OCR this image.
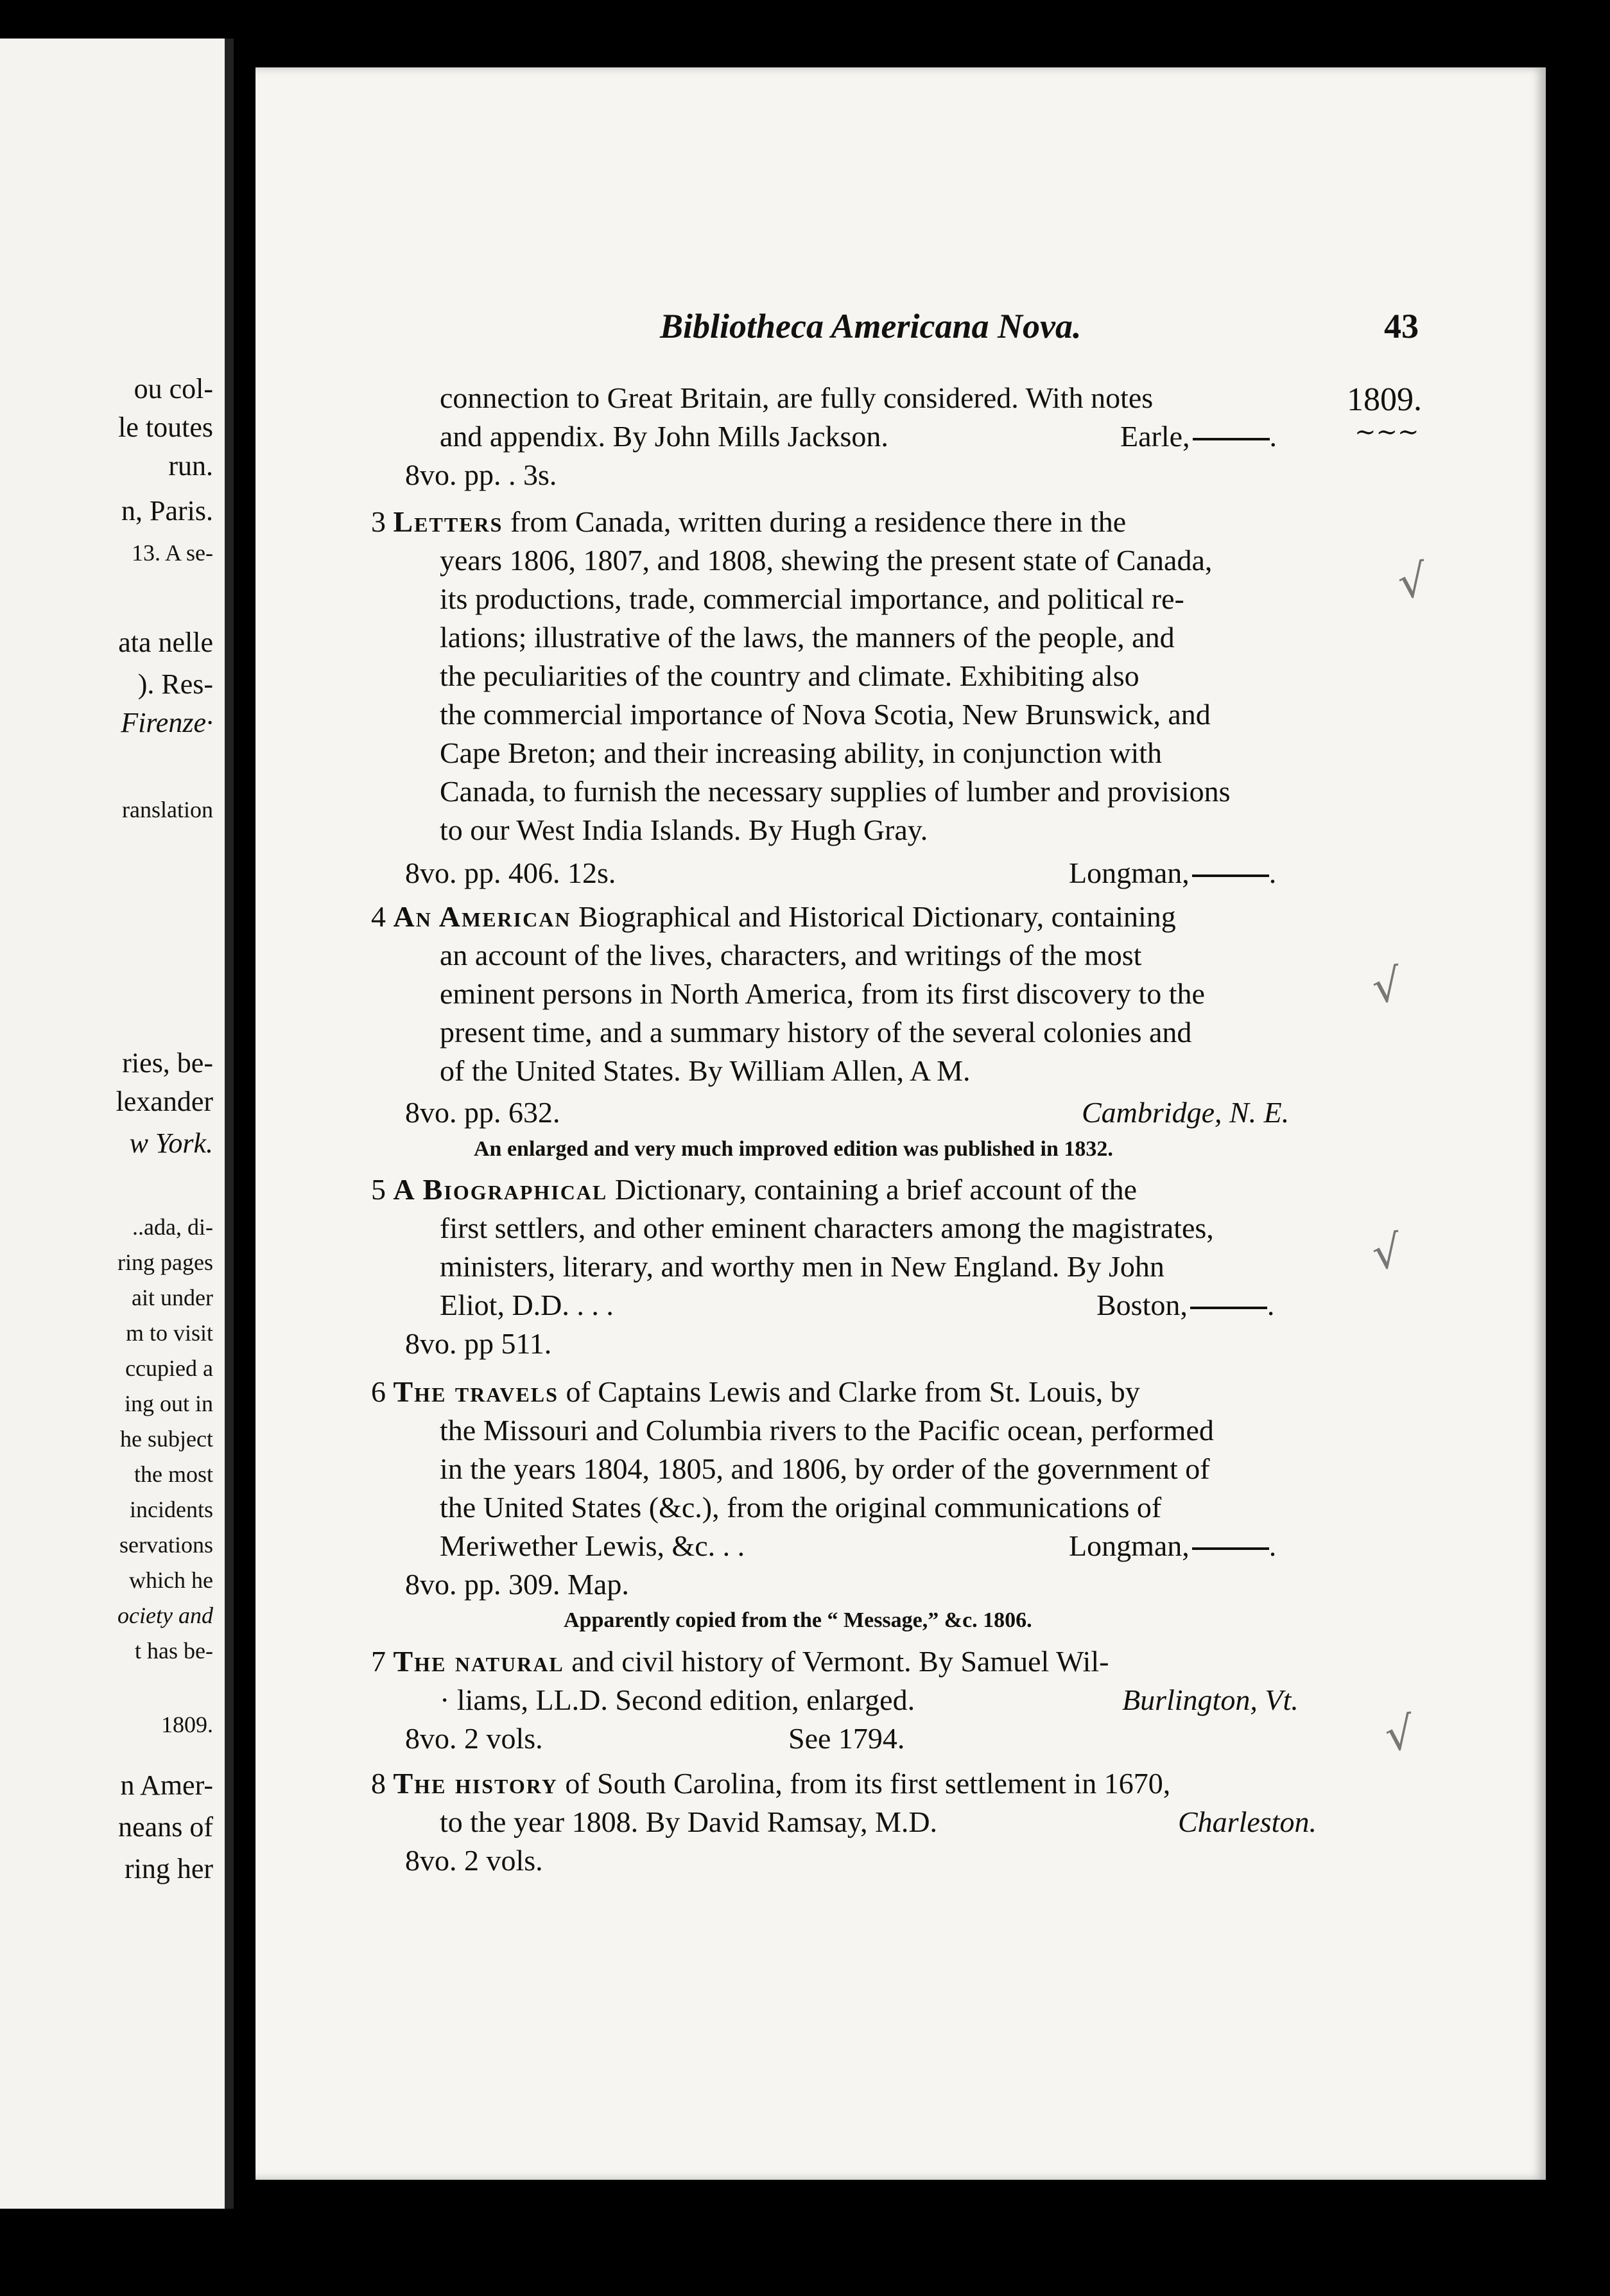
ou col-
le toutes
run.
n, Paris.
13. A se-
ata nelle
). Res-
Firenze·
ranslation
ries, be-
lexander
w York.
..ada, di-
ring pages
ait under
m to visit
ccupied a
ing out in
he subject
the most
incidents
servations
which he
ociety and
t has be-
1809.
n Amer-
neans of
ring her
Bibliotheca Americana Nova.	43
1809.
∼∼∼
connection to Great Britain, are fully considered. With notes
and appendix. By John Mills Jackson.	Earle,	.
8vo. pp. . 3s.
3 Letters from Canada, written during a residence there in the
years 1806, 1807, and 1808, shewing the present state of Canada,
its productions, trade, commercial importance, and political re-
lations; illustrative of the laws, the manners of the people, and
the peculiarities of the country and climate. Exhibiting also
the commercial importance of Nova Scotia, New Brunswick, and
Cape Breton; and their increasing ability, in conjunction with
Canada, to furnish the necessary supplies of lumber and provisions
to our West India Islands. By Hugh Gray.
8vo. pp. 406. 12s.	Longman,	.
4 An American Biographical and Historical Dictionary, containing
an account of the lives, characters, and writings of the most
eminent persons in North America, from its first discovery to the
present time, and a summary history of the several colonies and
of the United States. By William Allen, A M.
8vo. pp. 632.	Cambridge, N. E.
An enlarged and very much improved edition was published in 1832.
5 A Biographical Dictionary, containing a brief account of the
first settlers, and other eminent characters among the magistrates,
ministers, literary, and worthy men in New England. By John
Eliot, D.D. . . .	Boston,	.
8vo. pp 511.
6 The travels of Captains Lewis and Clarke from St. Louis, by
the Missouri and Columbia rivers to the Pacific ocean, performed
in the years 1804, 1805, and 1806, by order of the government of
the United States (&c.), from the original communications of
Meriwether Lewis, &c. . .	Longman,	.
8vo. pp. 309. Map.
Apparently copied from the “ Message,” &c. 1806.
7 The natural and civil history of Vermont. By Samuel Wil-
· liams, LL.D. Second edition, enlarged.	Burlington, Vt.
8vo. 2 vols.	See 1794.
8 The history of South Carolina, from its first settlement in 1670,
to the year 1808. By David Ramsay, M.D.	Charleston.
8vo. 2 vols.
√
√
√
√
